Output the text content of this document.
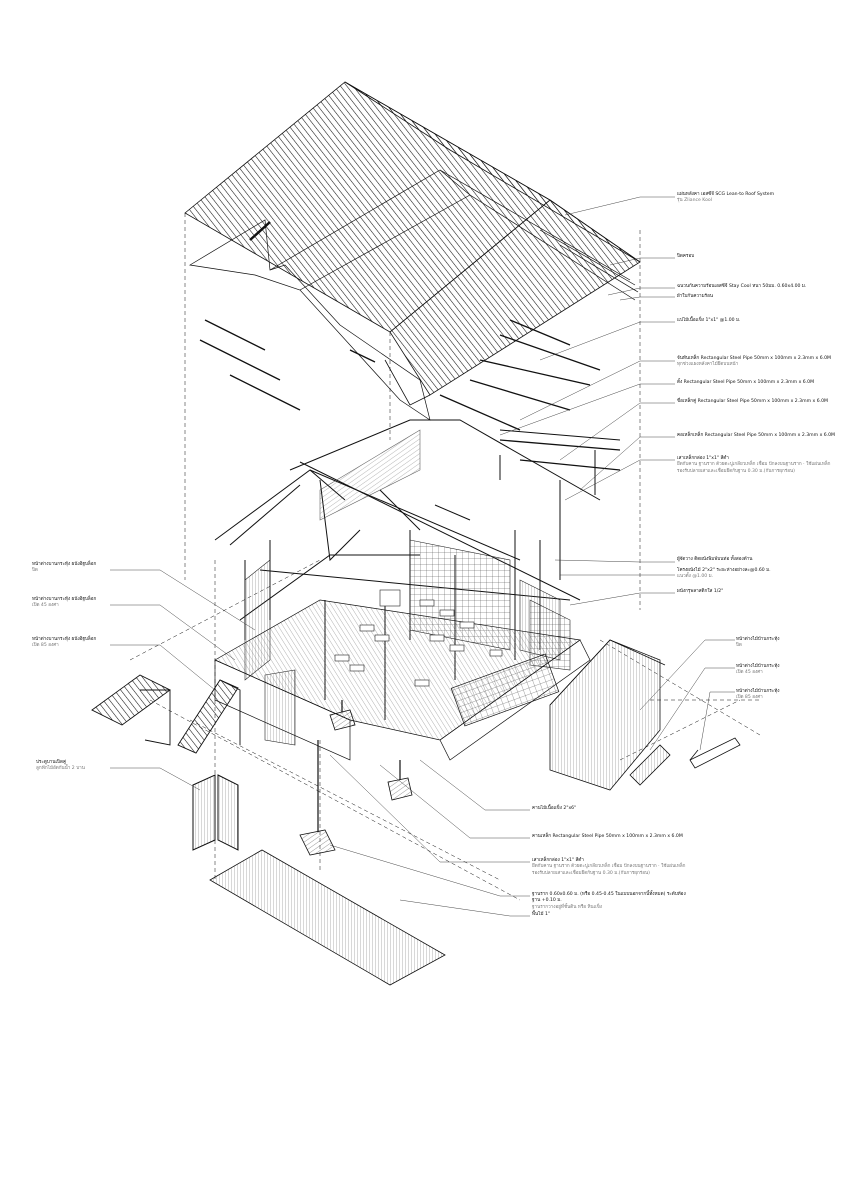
แผ่นหลังคา เอสซีจี SCG Lean-to Roof System
รุ่น Zliance Kool
ปิดครอบ
ฉนวนกันความร้อนเอสซีจี Stay Cool หนา 50มม. 0.60x4.00 ม.
ผ้าใบกันความร้อน
แปไม้เนื้อแข็ง 1"x1" @1.00 ม.
จันทันเหล็ก Rectangular Steel Pipe 50mm x 100mm x 2.3mm x 6.0M
ทุกช่วงแผงหลังคาไม้ยึดบนหน้า
ตั้ง Rectangular Steel Pipe 50mm x 100mm x 2.3mm x 6.0M
ขื่อเหล็กคู่ Rectangular Steel Pipe 50mm x 100mm x 2.3mm x 6.0M
คอเหล็กเหล็ก Rectangular Steel Pipe 50mm x 100mm x 2.3mm x 6.0M
เสาเหล็กกล่อง 1"x1" สีดำ
ยึดกับคาน ฐานราก ด้วยตะปูเกลียวเหล็ก เชื่อม ปักลงบนฐานราก · ใช้แผ่นเหล็กรองรับปลายเสาและเชื่อมยึดกับฐาน 0.30 ม.(กันการผุกร่อน)
ผู้จัดวาง ติดผนังพิมพ์บนท่อ ทั้งสองด้าน
โครงผนังไม้ 2"x2" ระยะห่างอย่างละ@0.60 ม.
แนวตั้ง @1.00 ม.
ผนังกรุพลาสติกใส 1/2"
หน้าต่างบานกระทุ้ง ผนังอิฐบล็อก
ปิด
หน้าต่างบานกระทุ้ง ผนังอิฐบล็อก
เปิด 45 องศา
หน้าต่างบานกระทุ้ง ผนังอิฐบล็อก
เปิด 85 องศา
ประตูบานเปิดคู่
ลูกฟักไม้อัดกันน้ำ 2 บาน
หน้าต่างไม้บ้านกระทุ้ง
ปิด
หน้าต่างไม้บ้านกระทุ้ง
เปิด 45 องศา
หน้าต่างไม้บ้านกระทุ้ง
เปิด 85 องศา
คานไม้เนื้อแข็ง 2"x6"
คานเหล็ก Rectangular Steel Pipe 50mm x 100mm x 2.3mm x 6.0M
เสาเหล็กกล่อง 1"x1" สีดำ
ยึดกับคาน ฐานราก ด้วยตะปูเกลียวเหล็ก เชื่อม ปักลงบนฐานราก · ใช้แผ่นเหล็กรองรับปลายเสาและเชื่อมยึดกับฐาน 0.30 ม.(กันการผุกร่อน)
ฐานราก 0.60x0.60 ม. (หรือ 0.45-0.45 ในแบบนอกจากนี้ทั้งหมด) ระดับท้องฐาน +0.10 ม.
ฐานรากวางอยู่ที่ชั้นดิน หรือ หินแข็ง
พื้นไม้ 1"
